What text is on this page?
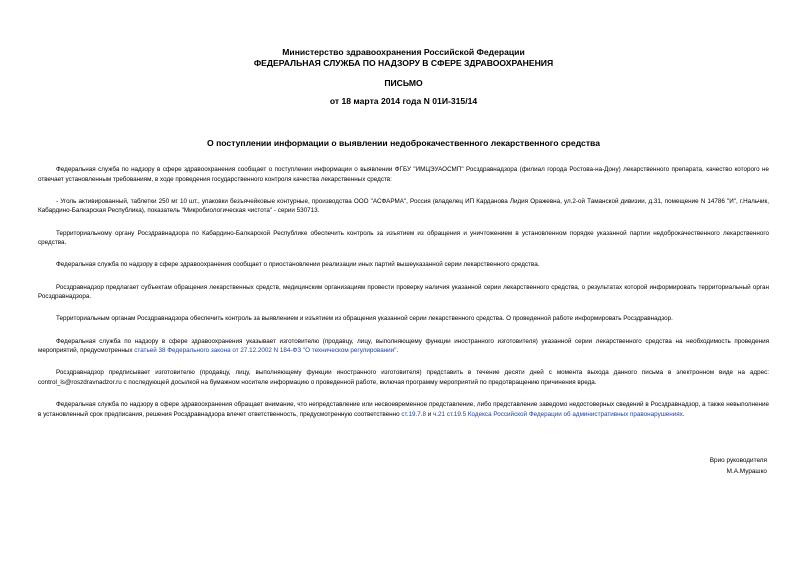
Министерство здравоохранения Российской Федерации
ФЕДЕРАЛЬНАЯ СЛУЖБА ПО НАДЗОРУ В СФЕРЕ ЗДРАВООХРАНЕНИЯ
ПИСЬМО
от 18 марта 2014 года N 01И-315/14
О поступлении информации о выявлении недоброкачественного лекарственного средства

Федеральная служба по надзору в сфере здравоохранения сообщает о поступлении информации о выявлении ФГБУ "ИМЦЭУАОСМП" Росздравнадзора (филиал города Ростова-на-Дону) лекарственного препарата, качество которого не отвечает установленным требованиям, в ходе проведения государственного контроля качества лекарственных средств:

- Уголь активированный, таблетки 250 мг 10 шт., упаковки безъячейковые контурные, производства ООО "АСФАРМА", Россия (владелец ИП Карданова Лидия Оражевна, ул.2-ой Таманской дивизии, д.31, помещение N 14786 "И", г.Нальчик, Кабардино-Балкарская Республика), показатель "Микробиологическая чистота" - серии 530713.

Территориальному органу Росздравнадзора по Кабардино-Балкарской Республике обеспечить контроль за изъятием из обращения и уничтожением в установленном порядке указанной партии недоброкачественного лекарственного средства.

Федеральная служба по надзору в сфере здравоохранения сообщает о приостановлении реализации иных партий вышеуказанной серии лекарственного средства.

Росздравнадзор предлагает субъектам обращения лекарственных средств, медицинским организациям провести проверку наличия указанной серии лекарственного средства, о результатах которой информировать территориальный орган Росздравнадзора.

Территориальным органам Росздравнадзора обеспечить контроль за выявлением и изъятием из обращения указанной серии лекарственного средства. О проведенной работе информировать Росздравнадзор.

Федеральная служба по надзору в сфере здравоохранения указывает изготовителю (продавцу, лицу, выполняющему функции иностранного изготовителя) указанной серии лекарственного средства на необходимость проведения мероприятий, предусмотренных статьей 38 Федерального закона от 27.12.2002 N 184-ФЗ "О техническом регулировании".

Росздравнадзор предписывает изготовителю (продавцу, лицу, выполняющему функции иностранного изготовителя) представить в течение десяти дней с момента выхода данного письма в электронном виде на адрес: control_ls@roszdravnadzor.ru с последующей досылкой на бумажном носителе информацию о проведенной работе, включая программу мероприятий по предотвращению причинения вреда.

Федеральная служба по надзору в сфере здравоохранения обращает внимание, что непредставление или несвоевременное представление, либо представление заведомо недостоверных сведений в Росздравнадзор, а также невыполнение в установленный срок предписания, решения Росздравнадзора влечет ответственность, предусмотренную соответственно ст.19.7.8 и ч.21 ст.19.5 Кодекса Российской Федерации об административных правонарушениях.

Врио руководителя
М.А.Мурашко
